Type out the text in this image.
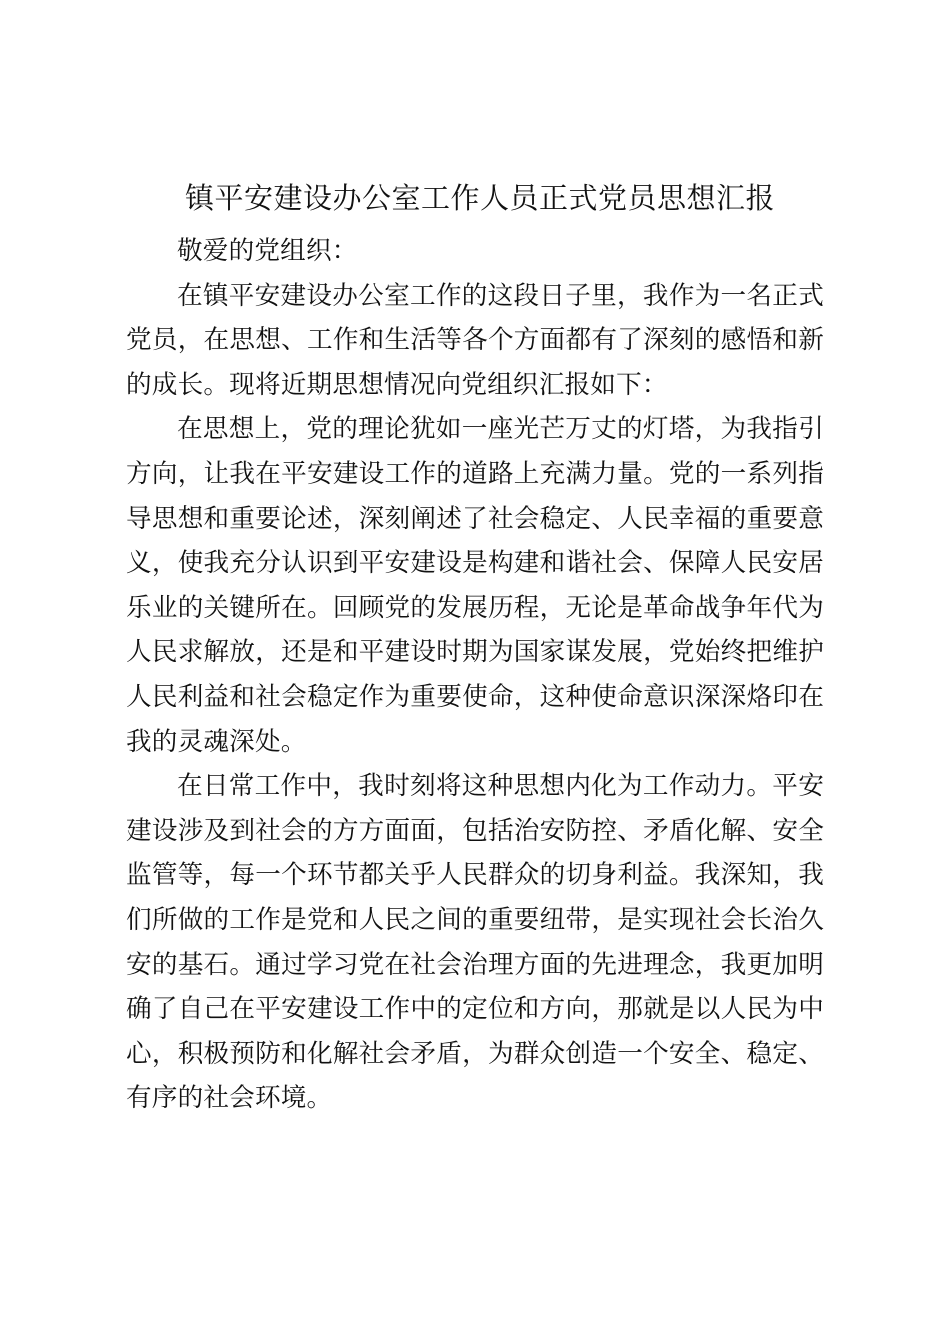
镇平安建设办公室工作人员正式党员思想汇报

敬爱的党组织：

在镇平安建设办公室工作的这段日子里，我作为一名正式党员，在思想、工作和生活等各个方面都有了深刻的感悟和新的成长。现将近期思想情况向党组织汇报如下：

在思想上，党的理论犹如一座光芒万丈的灯塔，为我指引方向，让我在平安建设工作的道路上充满力量。党的一系列指导思想和重要论述，深刻阐述了社会稳定、人民幸福的重要意义，使我充分认识到平安建设是构建和谐社会、保障人民安居乐业的关键所在。回顾党的发展历程，无论是革命战争年代为人民求解放，还是和平建设时期为国家谋发展，党始终把维护人民利益和社会稳定作为重要使命，这种使命意识深深烙印在我的灵魂深处。

在日常工作中，我时刻将这种思想内化为工作动力。平安建设涉及到社会的方方面面，包括治安防控、矛盾化解、安全监管等，每一个环节都关乎人民群众的切身利益。我深知，我们所做的工作是党和人民之间的重要纽带，是实现社会长治久安的基石。通过学习党在社会治理方面的先进理念，我更加明确了自己在平安建设工作中的定位和方向，那就是以人民为中心，积极预防和化解社会矛盾，为群众创造一个安全、稳定、有序的社会环境。
